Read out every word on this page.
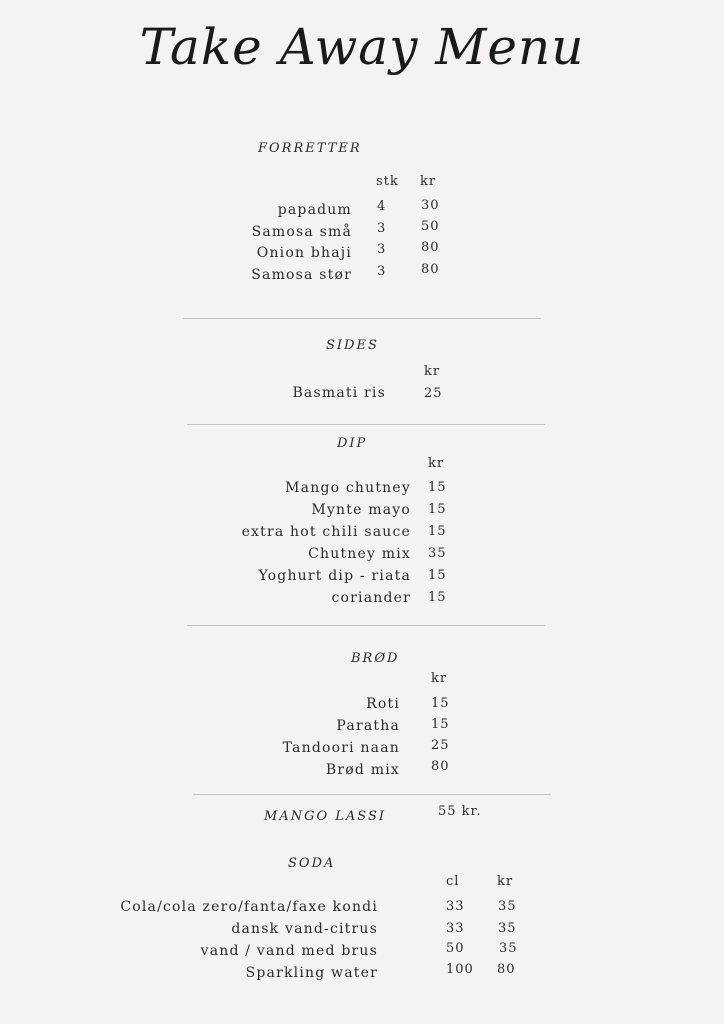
Take Away Menu
FORRETTER
stk kr
papadum 4	30
Samosa små 3	50
Onion bhaji 3	80
Samosa stør 3	80
SIDES
kr
Basmati ris	25
DIP
kr
Mango chutney 15
Mynte mayo 15
extra hot chili sauce 15
Chutney mix 35
Yoghurt dip - riata 15
coriander 15
BRØD
kr
Roti 15
Paratha 15
Tandoori naan 25
Brød mix 80
MANGO LASSI	55 kr.
SODA
cl	kr
Cola/cola zero/fanta/faxe kondi	33	35
dansk vand-citrus	33	35
vand / vand med brus	50	35
Sparkling water	100 80
